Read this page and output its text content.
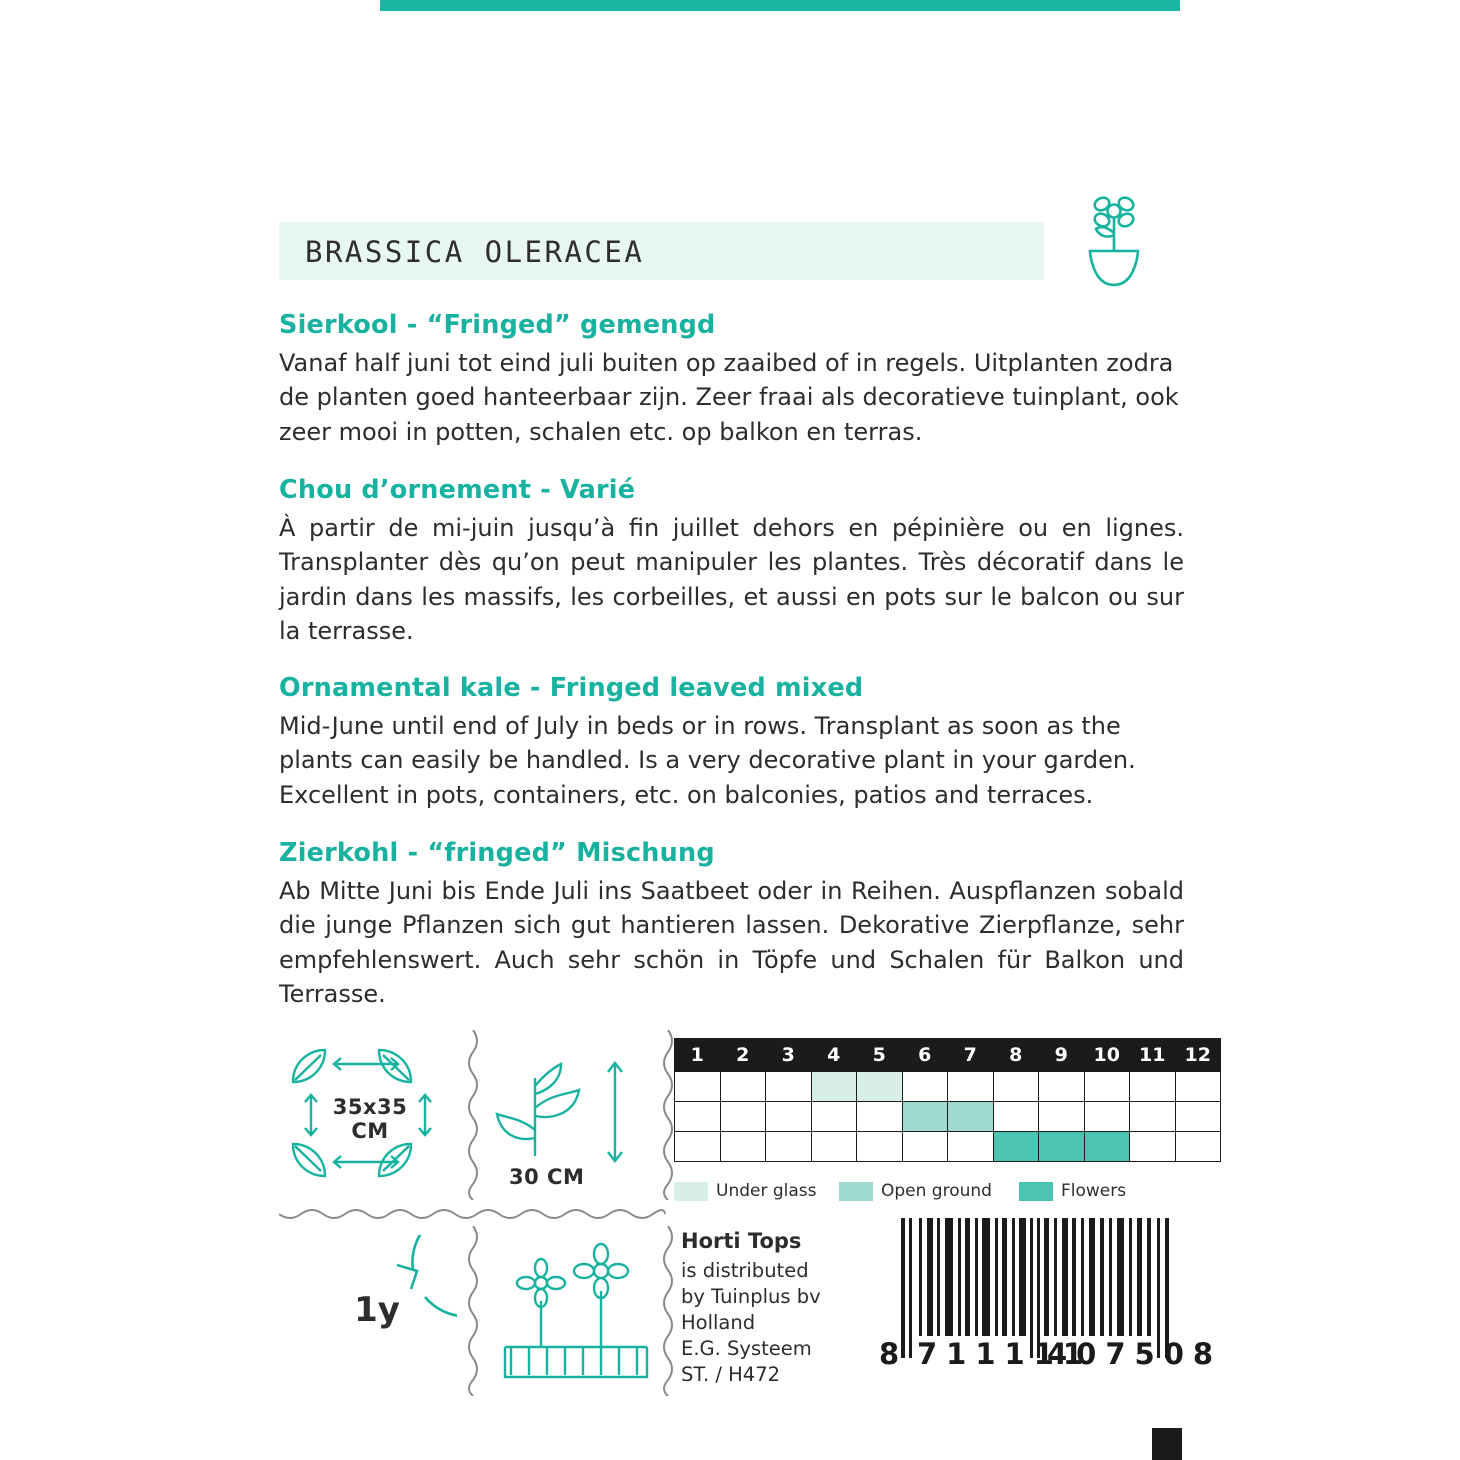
BRASSICA OLERACEA
Sierkool - “Fringed” gemengd

Vanaf half juni tot eind juli buiten op zaaibed of in regels. Uitplanten zodra de planten goed hanteerbaar zijn. Zeer fraai als decoratieve tuinplant, ook zeer mooi in potten, schalen etc. op balkon en terras.

Chou d’ornement - Varié

À partir de mi-juin jusqu’à fin juillet dehors en pépinière ou en lignes. Transplanter dès qu’on peut manipuler les plantes. Très décoratif dans le jardin dans les massifs, les corbeilles, et aussi en pots sur le balcon ou sur la terrasse.

Ornamental kale - Fringed leaved mixed

Mid-June until end of July in beds or in rows. Transplant as soon as the plants can easily be handled. Is a very decorative plant in your garden. Excellent in pots, containers, etc. on balconies, patios and terraces.

Zierkohl - “fringed” Mischung

Ab Mitte Juni bis Ende Juli ins Saatbeet oder in Reihen. Auspflanzen sobald die junge Pflanzen sich gut hantieren lassen. Dekorative Zierpflanze, sehr empfehlenswert. Auch sehr schön in Töpfe und Schalen für Balkon und Terrasse.

35x35
CM
30 CM
1	2	3	4	5	6	7	8	9	10	11	12

Under glass	Open ground	Flowers
1y
Horti Tops
is distributed
by Tuinplus bv
Holland
E.G. Systeem
ST. / H472
8 711111
407508
